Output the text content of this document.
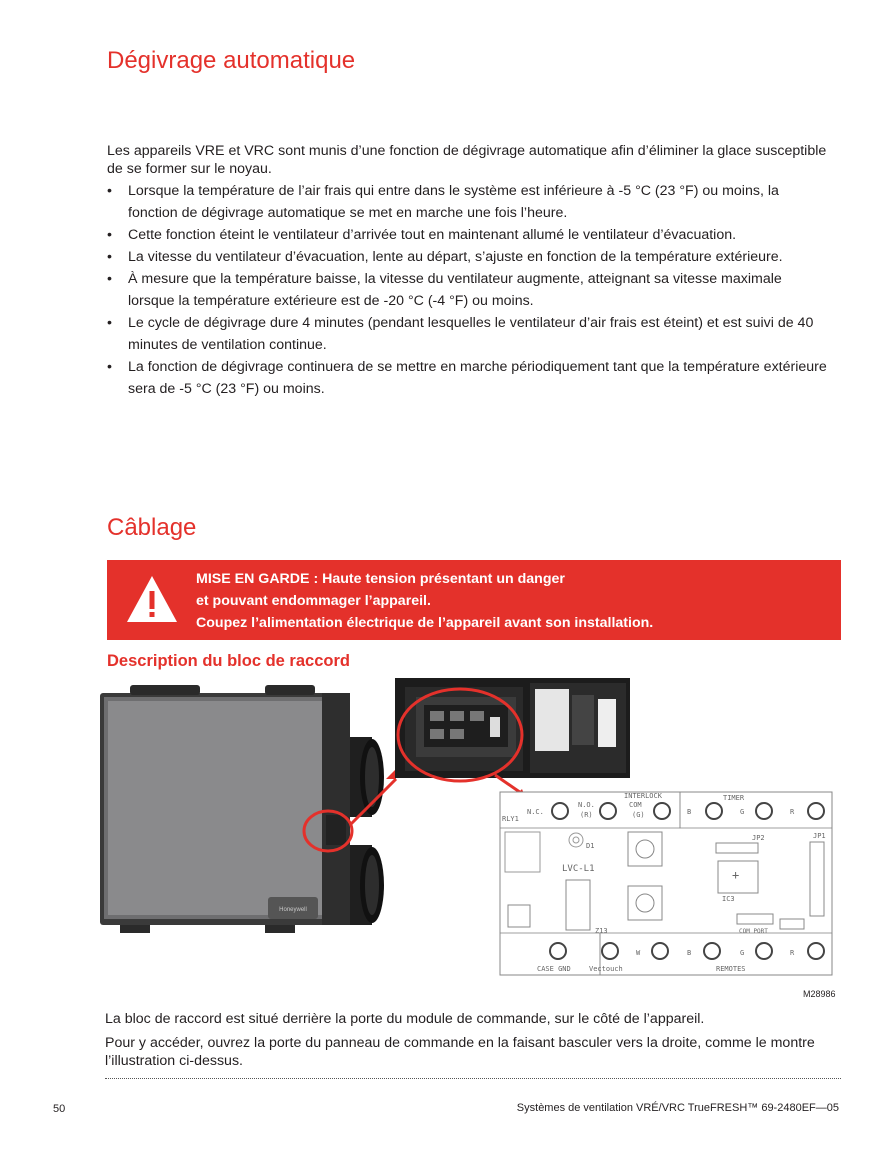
Dégivrage automatique

Les appareils VRE et VRC sont munis d’une fonction de dégivrage automatique afin d’éliminer la glace susceptible de se former sur le noyau.

• Lorsque la température de l’air frais qui entre dans le système est inférieure à -5 °C (23 °F) ou moins, la fonction de dégivrage automatique se met en marche une fois l’heure.
• Cette fonction éteint le ventilateur d’arrivée tout en maintenant allumé le ventilateur d’évacuation.
• La vitesse du ventilateur d’évacuation, lente au départ, s’ajuste en fonction de la température extérieure.
• À mesure que la température baisse, la vitesse du ventilateur augmente, atteignant sa vitesse maximale lorsque la température extérieure est de -20 °C (-4 °F) ou moins.
• Le cycle de dégivrage dure 4 minutes (pendant lesquelles le ventilateur d’air frais est éteint) et est suivi de 40 minutes de ventilation continue.
• La fonction de dégivrage continuera de se mettre en marche périodiquement tant que la température extérieure sera de -5 °C (23 °F) ou moins.
Câblage
MISE EN GARDE : Haute tension présentant un danger
et pouvant endommager l’appareil.
Coupez l’alimentation électrique de l’appareil avant son installation.
Description du bloc de raccord
Honeywell
INTERLOCK
RLY1
N.C.
N.O.
(R)
COM
(G)
TIMER
B	G	R
D1
LVC-L1
Z13
JP2
+
IC3
JP1
COM PORT
CASE GND	Vectouch
W	B	G	R
REMOTES
M28986

La bloc de raccord est situé derrière la porte du module de commande, sur le côté de l’appareil.

Pour y accéder, ouvrez la porte du panneau de commande en la faisant basculer vers la droite, comme le montre l’illustration ci-dessus.

50	Systèmes de ventilation VRÉ/VRC TrueFRESH™ 69-2480EF—05
